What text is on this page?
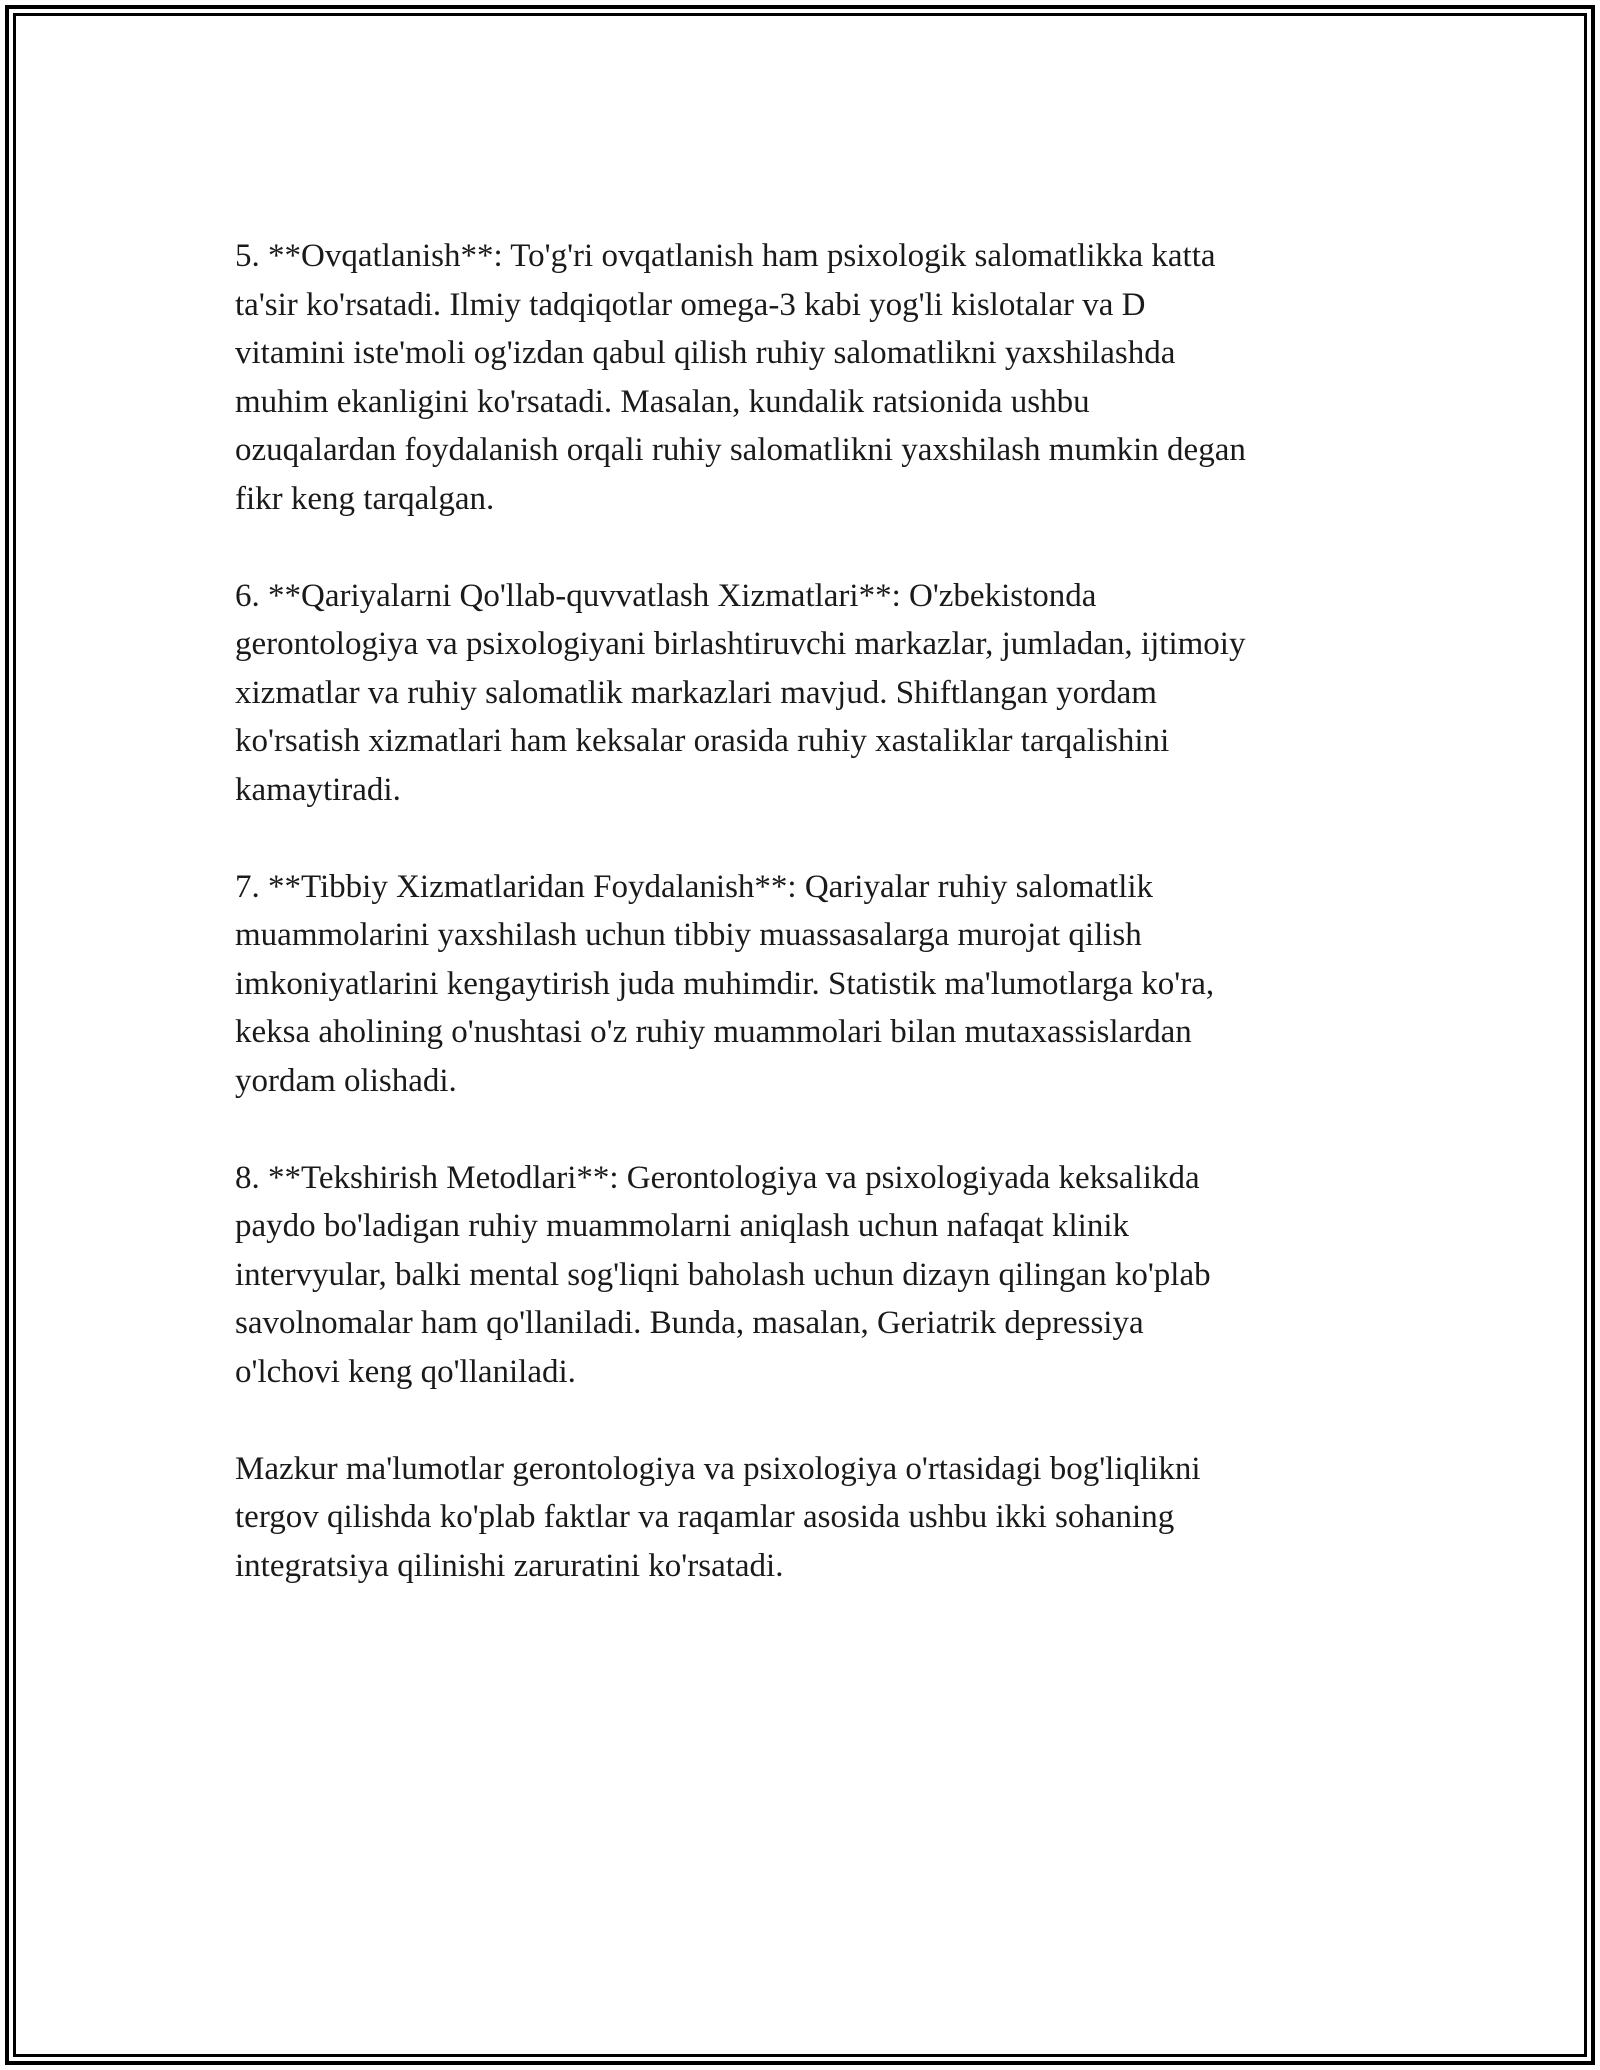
5. **Ovqatlanish**: To'g'ri ovqatlanish ham psixologik salomatlikka katta
ta'sir ko'rsatadi. Ilmiy tadqiqotlar omega-3 kabi yog'li kislotalar va D
vitamini iste'moli og'izdan qabul qilish ruhiy salomatlikni yaxshilashda
muhim ekanligini ko'rsatadi. Masalan, kundalik ratsionida ushbu
ozuqalardan foydalanish orqali ruhiy salomatlikni yaxshilash mumkin degan
fikr keng tarqalgan.

6. **Qariyalarni Qo'llab-quvvatlash Xizmatlari**: O'zbekistonda
gerontologiya va psixologiyani birlashtiruvchi markazlar, jumladan, ijtimoiy
xizmatlar va ruhiy salomatlik markazlari mavjud. Shiftlangan yordam
ko'rsatish xizmatlari ham keksalar orasida ruhiy xastaliklar tarqalishini
kamaytiradi.

7. **Tibbiy Xizmatlaridan Foydalanish**: Qariyalar ruhiy salomatlik
muammolarini yaxshilash uchun tibbiy muassasalarga murojat qilish
imkoniyatlarini kengaytirish juda muhimdir. Statistik ma'lumotlarga ko'ra,
keksa aholining o'nushtasi o'z ruhiy muammolari bilan mutaxassislardan
yordam olishadi.

8. **Tekshirish Metodlari**: Gerontologiya va psixologiyada keksalikda
paydo bo'ladigan ruhiy muammolarni aniqlash uchun nafaqat klinik
intervyular, balki mental sog'liqni baholash uchun dizayn qilingan ko'plab
savolnomalar ham qo'llaniladi. Bunda, masalan, Geriatrik depressiya
o'lchovi keng qo'llaniladi.

Mazkur ma'lumotlar gerontologiya va psixologiya o'rtasidagi bog'liqlikni
tergov qilishda ko'plab faktlar va raqamlar asosida ushbu ikki sohaning
integratsiya qilinishi zaruratini ko'rsatadi.
